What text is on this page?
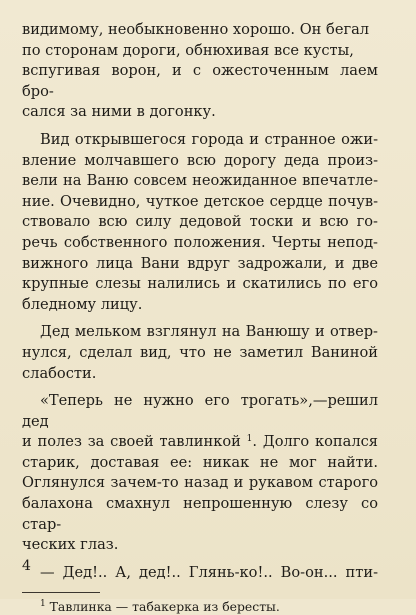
видимому, необыкновенно хорошо. Он бегал
по сторонам дороги, обнюхивая все кусты,
вспугивая ворон, и с ожесточенным лаем бро-
сался за ними в догонку.
Вид открывшегося города и странное ожи-
вление молчавшего всю дорогу деда произ-
вели на Ваню совсем неожиданное впечатле-
ние. Очевидно, чуткое детское сердце почув-
ствовало всю силу дедовой тоски и всю го-
речь собственного положения. Черты непод-
вижного лица Вани вдруг задрожали, и две
крупные слезы налились и скатились по его
бледному лицу.
Дед мельком взглянул на Ванюшу и отвер-
нулся, сделал вид, что не заметил Ваниной
слабости.
«Теперь не нужно его трогать»,—решил дед
и полез за своей тавлинкой $^1$. Долго копался
старик, доставая ее: никак не мог найти.
Оглянулся зачем-то назад и рукавом старого
балахона смахнул непрошенную слезу со стар-
ческих глаз.
— Дед!.. А, дед!.. Глянь-ко!.. Во-он... пти-

$^1$ Тавлинка — табакерка из бересты.

4
